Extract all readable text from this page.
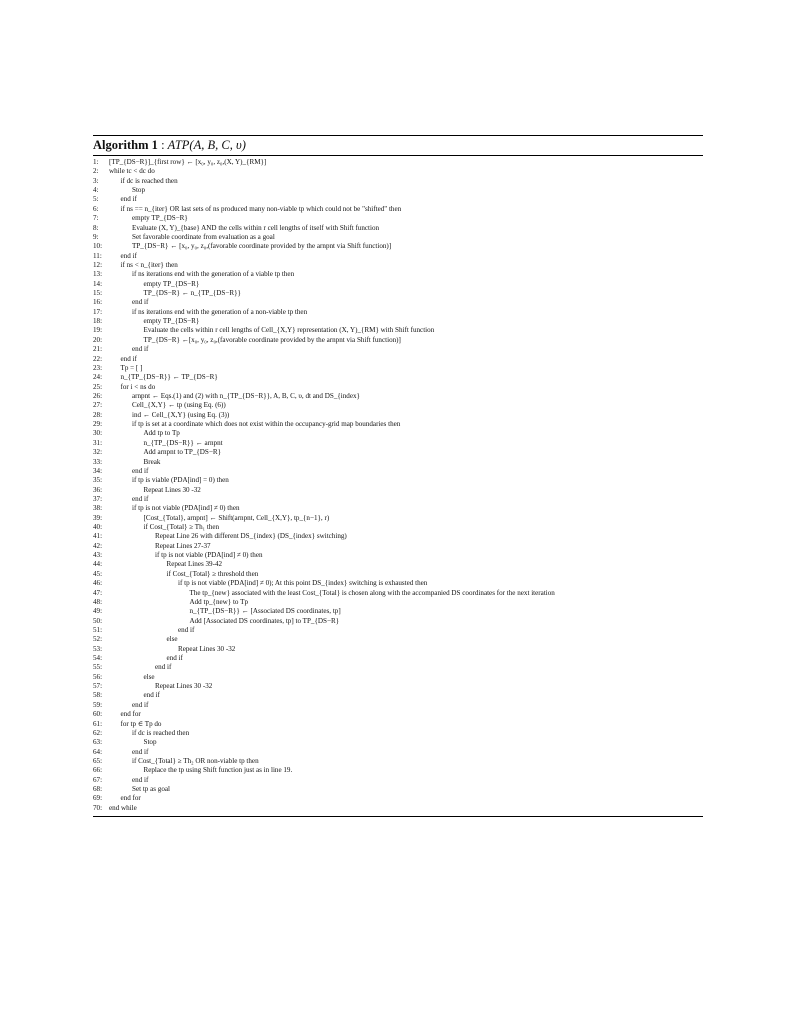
Algorithm 1 : ATP(A, B, C, υ)
1:	[TP_{DS−R}]_{first row} ← [x₀, y₀, z₀,(X, Y)_{RM}]
2:	while tc < dc do
3:	if dc is reached then
4:	Stop
5:	end if
6:	if ns == n_{iter} OR last sets of ns produced many non-viable tp which could not be "shifted" then
7:	empty TP_{DS−R}
8:	Evaluate (X, Y)_{base} AND the cells within r cell lengths of itself with Shift function
9:	Set favorable coordinate from evaluation as a goal
10:	TP_{DS−R} ← [x₀, y₀, z₀,(favorable coordinate provided by the arnpnt via Shift function)]
11:	end if
12:	if ns < n_{iter} then
13:	if ns iterations end with the generation of a viable tp then
14:	empty TP_{DS−R}
15:	TP_{DS−R} ← n_{TP_{DS−R}}
16:	end if
17:	if ns iterations end with the generation of a non-viable tp then
18:	empty TP_{DS−R}
19:	Evaluate the cells within r cell lengths of Cell_{X,Y} representation (X, Y)_{RM} with Shift function
20:	TP_{DS−R} ←[x₀, y₀, z₀,(favorable coordinate provided by the arnpnt via Shift function)]
21:	end if
22:	end if
23:	Tp = [ ]
24:	n_{TP_{DS−R}} ← TP_{DS−R}
25:	for i < ns do
26:	arnpnt ← Eqs.(1) and (2) with n_{TP_{DS−R}}, A, B, C, υ, dt and DS_{index}
27:	Cell_{X,Y} ← tp (using Eq. (6))
28:	ind ← Cell_{X,Y} (using Eq. (3))
29:	if tp is set at a coordinate which does not exist within the occupancy-grid map boundaries then
30:	Add tp to Tp
31:	n_{TP_{DS−R}} ← arnpnt
32:	Add arnpnt to TP_{DS−R}
33:	Break
34:	end if
35:	if tp is viable (PDA[ind] = 0) then
36:	Repeat Lines 30 -32
37:	end if
38:	if tp is not viable (PDA[ind] ≠ 0) then
39:	[Cost_{Total}, arnpnt] ← Shift(arnpnt, Cell_{X,Y}, tp_{n−1}, r)
40:	if Cost_{Total} ≥ Th₁ then
41:	Repeat Line 26 with different DS_{index} (DS_{index} switching)
42:	Repeat Lines 27-37
43:	if tp is not viable (PDA[ind] ≠ 0) then
44:	Repeat Lines 39-42
45:	if Cost_{Total} ≥ threshold then
46:	if tp is not viable (PDA[ind] ≠ 0); At this point DS_{index} switching is exhausted then
47:	The tp_{new} associated with the least Cost_{Total} is chosen along with the accompanied DS coordinates for the next iteration
48:	Add tp_{new} to Tp
49:	n_{TP_{DS−R}} ← [Associated DS coordinates, tp]
50:	Add [Associated DS coordinates, tp] to TP_{DS−R}
51:	end if
52:	else
53:	Repeat Lines 30 -32
54:	end if
55:	end if
56:	else
57:	Repeat Lines 30 -32
58:	end if
59:	end if
60:	end for
61:	for tp ∈ Tp do
62:	if dc is reached then
63:	Stop
64:	end if
65:	if Cost_{Total} ≥ Th₂ OR non-viable tp then
66:	Replace the tp using Shift function just as in line 19.
67:	end if
68:	Set tp as goal
69:	end for
70: end while
